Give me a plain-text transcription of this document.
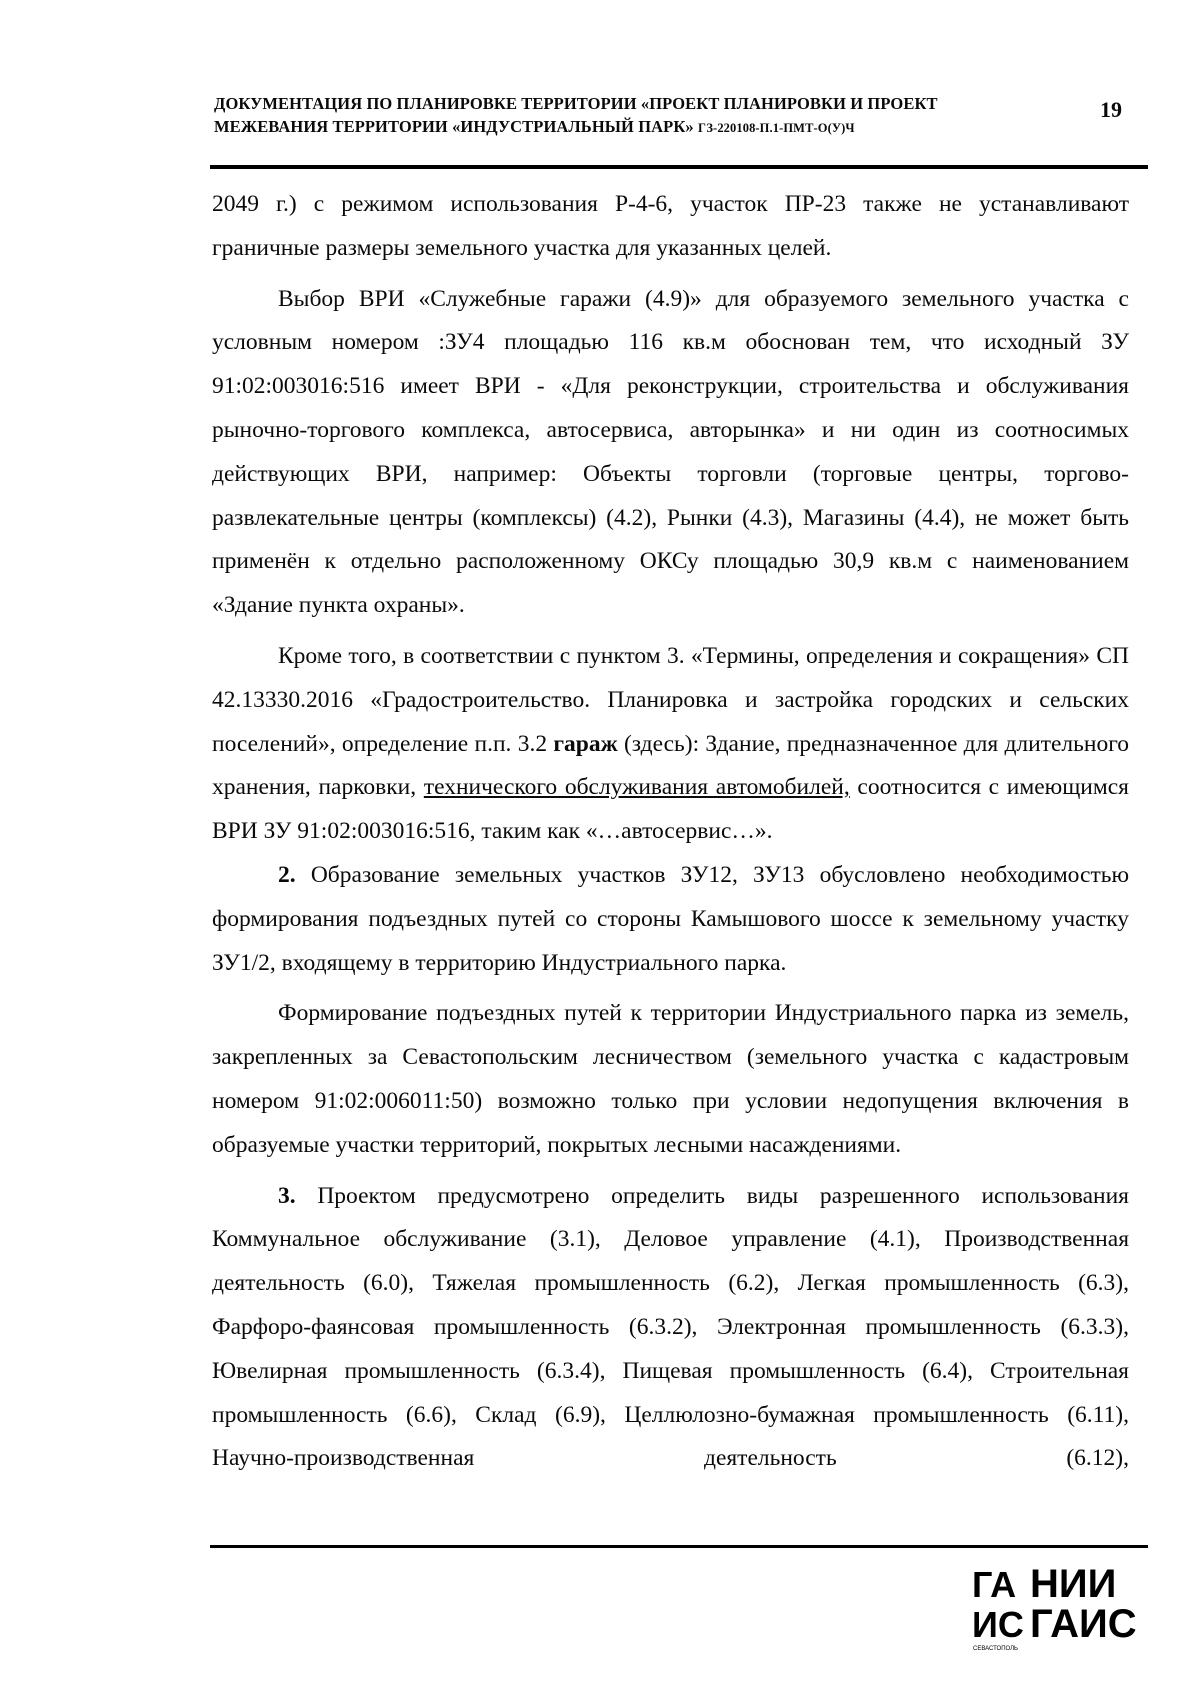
ДОКУМЕНТАЦИЯ ПО ПЛАНИРОВКЕ ТЕРРИТОРИИ «ПРОЕКТ ПЛАНИРОВКИ И ПРОЕКТ
МЕЖЕВАНИЯ ТЕРРИТОРИИ «ИНДУСТРИАЛЬНЫЙ ПАРК» ГЗ-220108-П.1-ПМТ-О(У)Ч
19

2049 г.) с режимом использования Р-4-6, участок ПР-23 также не устанавливают граничные размеры земельного участка для указанных целей.

Выбор ВРИ «Служебные гаражи (4.9)» для образуемого земельного участка с условным номером :ЗУ4 площадью 116 кв.м обоснован тем, что исходный ЗУ 91:02:003016:516 имеет ВРИ - «Для реконструкции, строительства и обслуживания рыночно-торгового комплекса, автосервиса, авторынка» и ни один из соотносимых действующих ВРИ, например: Объекты торговли (торговые центры, торгово-развлекательные центры (комплексы) (4.2), Рынки (4.3), Магазины (4.4), не может быть применён к отдельно расположенному ОКСу площадью 30,9 кв.м с наименованием «Здание пункта охраны».

Кроме того, в соответствии с пунктом 3. «Термины, определения и сокращения» СП 42.13330.2016 «Градостроительство. Планировка и застройка городских и сельских поселений», определение п.п. 3.2 гараж (здесь): Здание, предназначенное для длительного хранения, парковки, технического обслуживания автомобилей, соотносится с имеющимся ВРИ ЗУ 91:02:003016:516, таким как «…автосервис…».

2. Образование земельных участков ЗУ12, ЗУ13 обусловлено необходимостью формирования подъездных путей со стороны Камышового шоссе к земельному участку ЗУ1/2, входящему в территорию Индустриального парка.

Формирование подъездных путей к территории Индустриального парка из земель, закрепленных за Севастопольским лесничеством (земельного участка с кадастровым номером 91:02:006011:50) возможно только при условии недопущения включения в образуемые участки территорий, покрытых лесными насаждениями.

3. Проектом предусмотрено определить виды разрешенного использования Коммунальное обслуживание (3.1), Деловое управление (4.1), Производственная деятельность (6.0), Тяжелая промышленность (6.2), Легкая промышленность (6.3), Фарфоро-фаянсовая промышленность (6.3.2), Электронная промышленность (6.3.3), Ювелирная промышленность (6.3.4), Пищевая промышленность (6.4), Строительная промышленность (6.6), Склад (6.9), Целлюлозно-бумажная промышленность (6.11), Научно-производственная деятельность (6.12),

ГА
ИС
НИИ
ГАИС
СЕВАСТОПОЛЬ
